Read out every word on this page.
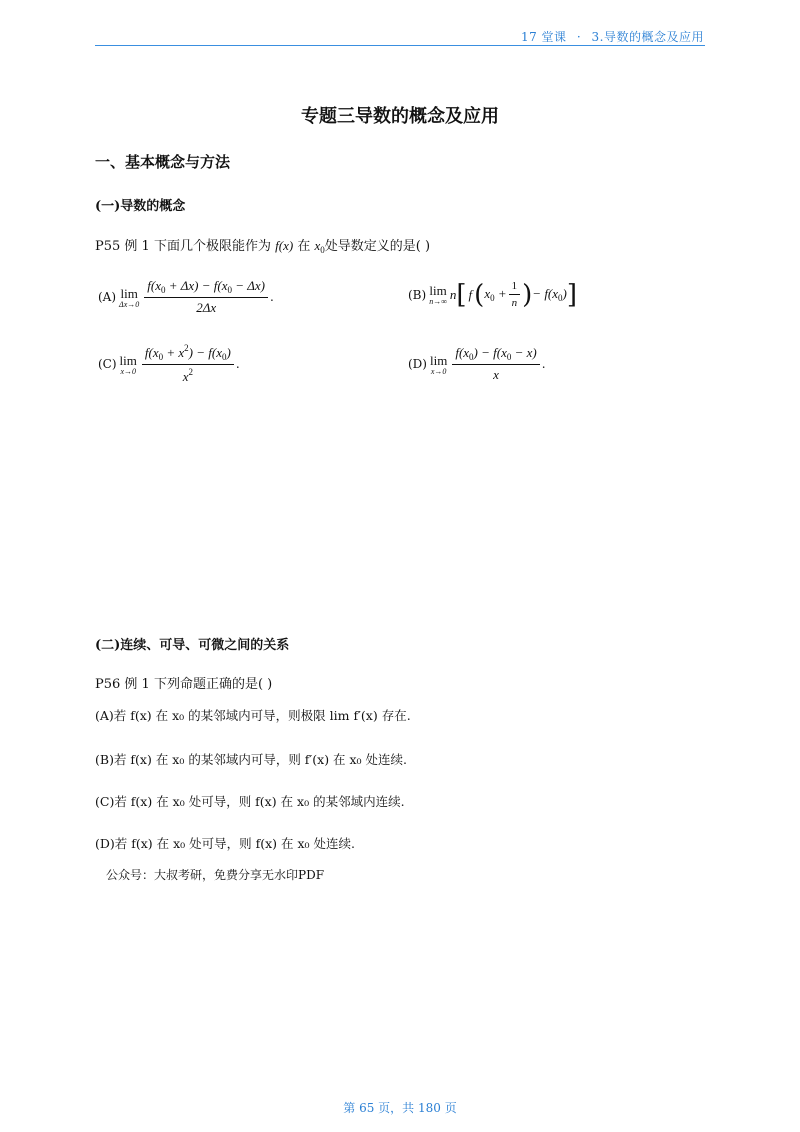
17 堂课 · 3.导数的概念及应用
专题三导数的概念及应用
一、基本概念与方法
(一)导数的概念
P55 例 1 下面几个极限能作为 f(x) 在 $x_0$处导数定义的是( )
(A) lim
$\Delta x\to 0 \frac{f(x_0 + \Delta x) - f(x_0 - \Delta x)}{2\Delta x}$ .	(B) lim
n→∞ n [ f ( $x_0 + \frac{1}{n}$ ) − $f(x_0)$ ]
(C) lim
$x\to 0 \frac{f(x_0 + x^2) - f(x_0)}{x^2}$ .	(D) lim
$x\to 0 \frac{f(x_0) - f(x_0 - x)}{x}$ .
(二)连续、可导、可微之间的关系
P56 例 1 下列命题正确的是( )
(A)若 f(x) 在 x₀ 的某邻域内可导，则极限 lim f′(x) 存在.
(B)若 f(x) 在 x₀ 的某邻域内可导，则 f′(x) 在 x₀ 处连续.
(C)若 f(x) 在 x₀ 处可导，则 f(x) 在 x₀ 的某邻域内连续.
(D)若 f(x) 在 x₀ 处可导，则 f(x) 在 x₀ 处连续.
公众号：大叔考研，免费分享无水印PDF
第 65 页，共 180 页
